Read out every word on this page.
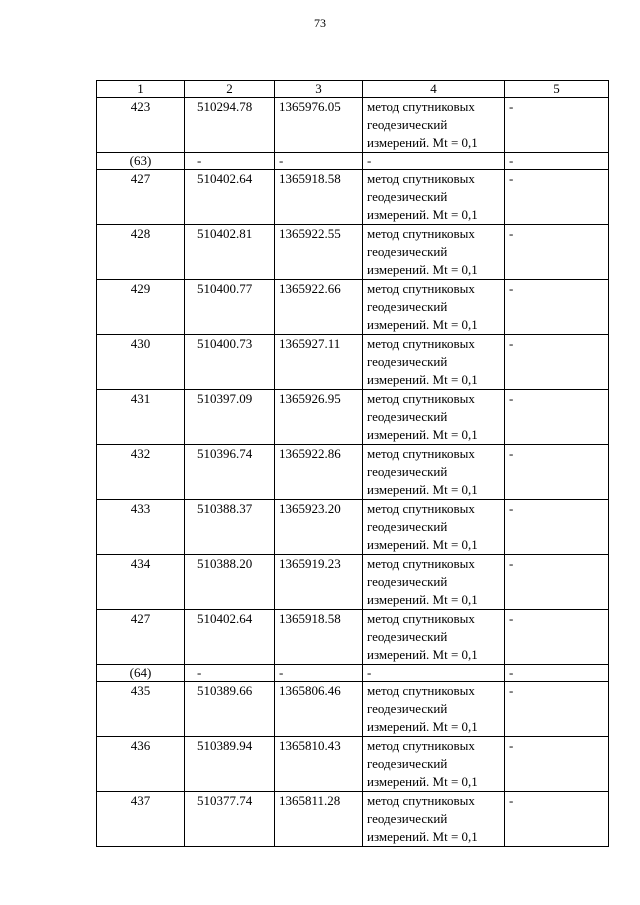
73
1	2	3	4	5
423	510294.78	1365976.05	метод спутниковых геодезический измерений. Mt = 0,1	-
(63)	-	-	-	-
427	510402.64	1365918.58	метод спутниковых геодезический измерений. Mt = 0,1	-
428	510402.81	1365922.55	метод спутниковых геодезический измерений. Mt = 0,1	-
429	510400.77	1365922.66	метод спутниковых геодезический измерений. Mt = 0,1	-
430	510400.73	1365927.11	метод спутниковых геодезический измерений. Mt = 0,1	-
431	510397.09	1365926.95	метод спутниковых геодезический измерений. Mt = 0,1	-
432	510396.74	1365922.86	метод спутниковых геодезический измерений. Mt = 0,1	-
433	510388.37	1365923.20	метод спутниковых геодезический измерений. Mt = 0,1	-
434	510388.20	1365919.23	метод спутниковых геодезический измерений. Mt = 0,1	-
427	510402.64	1365918.58	метод спутниковых геодезический измерений. Mt = 0,1	-
(64)	-	-	-	-
435	510389.66	1365806.46	метод спутниковых геодезический измерений. Mt = 0,1	-
436	510389.94	1365810.43	метод спутниковых геодезический измерений. Mt = 0,1	-
437	510377.74	1365811.28	метод спутниковых геодезический измерений. Mt = 0,1	-
